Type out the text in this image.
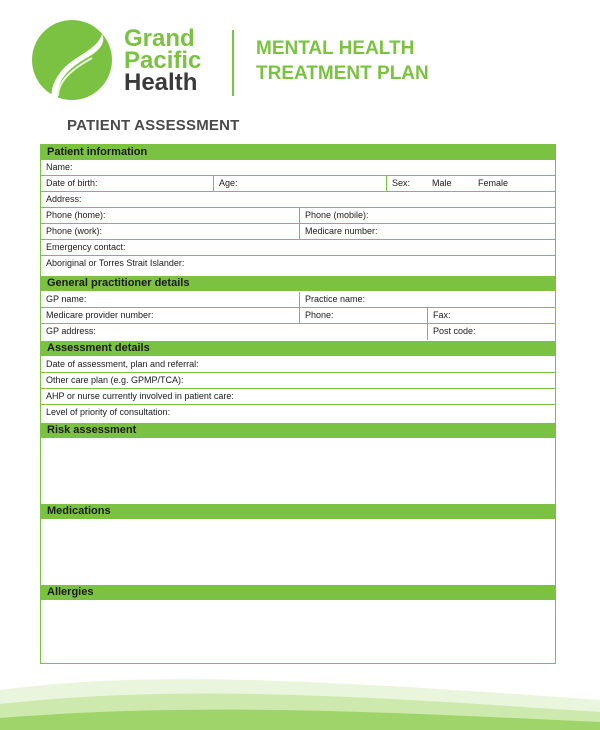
Grand
Pacific
Health
MENTAL HEALTH
TREATMENT PLAN
PATIENT ASSESSMENT
Patient information
Name:
Date of birth:	Age:	Sex:	Male	Female
Address:
Phone (home):	Phone (mobile):
Phone (work):	Medicare number:
Emergency contact:
Aboriginal or Torres Strait Islander:
General practitioner details
GP name:	Practice name:
Medicare provider number:	Phone:	Fax:
GP address:	Post code:
Assessment details
Date of assessment, plan and referral:
Other care plan (e.g. GPMP/TCA):
AHP or nurse currently involved in patient care:
Level of priority of consultation:
Risk assessment
Medications
Allergies
